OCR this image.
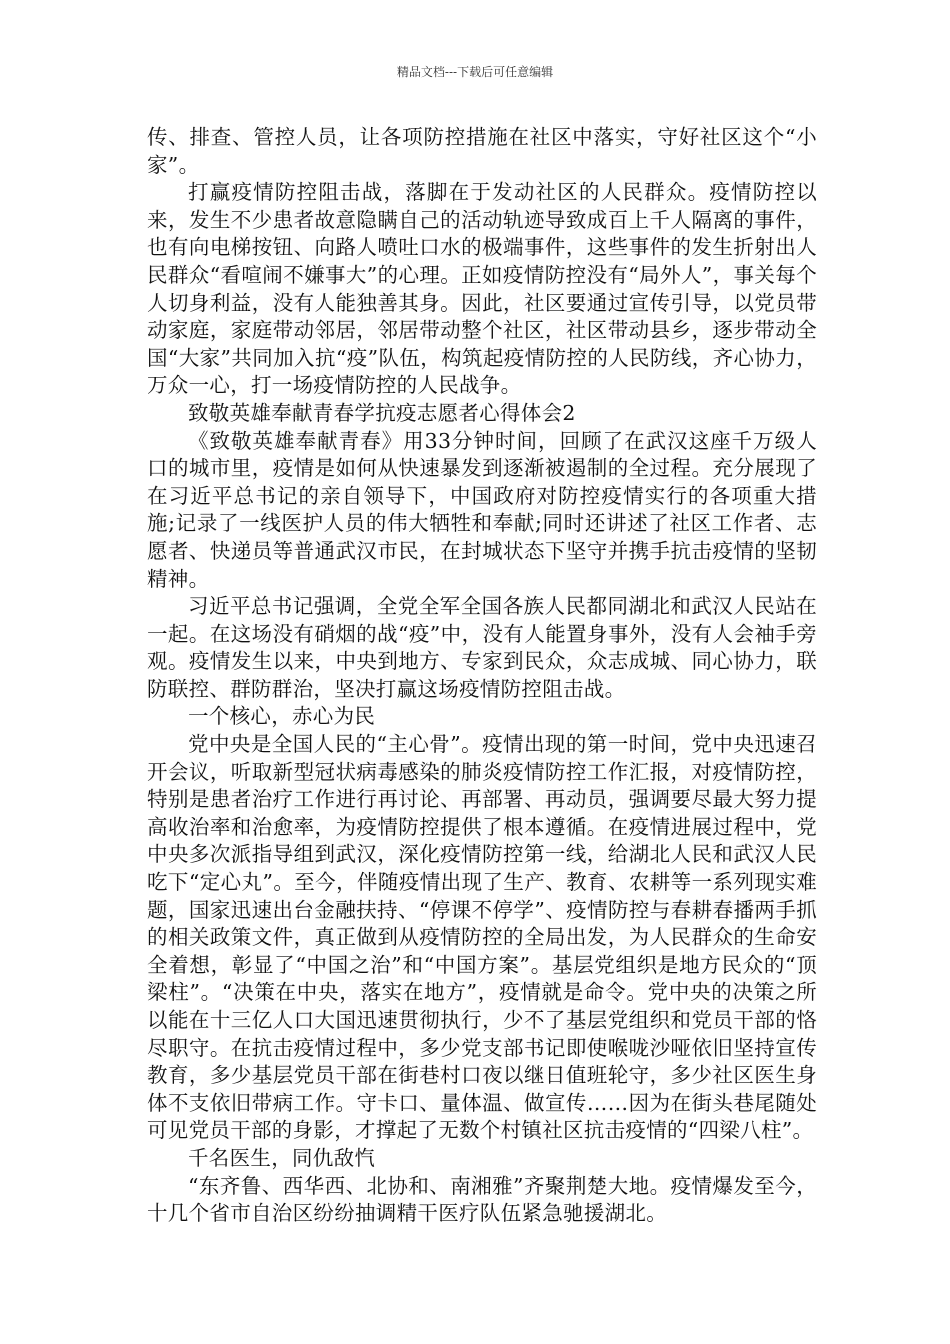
精品文档---下载后可任意编辑

传、排查、管控人员，让各项防控措施在社区中落实，守好社区这个“小家”。

打赢疫情防控阻击战，落脚在于发动社区的人民群众。疫情防控以来，发生不少患者故意隐瞒自己的活动轨迹导致成百上千人隔离的事件，也有向电梯按钮、向路人喷吐口水的极端事件，这些事件的发生折射出人民群众“看喧闹不嫌事大”的心理。正如疫情防控没有“局外人”，事关每个人切身利益，没有人能独善其身。因此，社区要通过宣传引导，以党员带动家庭，家庭带动邻居，邻居带动整个社区，社区带动县乡，逐步带动全国“大家”共同加入抗“疫”队伍，构筑起疫情防控的人民防线，齐心协力，万众一心，打一场疫情防控的人民战争。

致敬英雄奉献青春学抗疫志愿者心得体会2

《致敬英雄奉献青春》用33分钟时间，回顾了在武汉这座千万级人口的城市里，疫情是如何从快速暴发到逐渐被遏制的全过程。充分展现了在习近平总书记的亲自领导下，中国政府对防控疫情实行的各项重大措施;记录了一线医护人员的伟大牺牲和奉献;同时还讲述了社区工作者、志愿者、快递员等普通武汉市民，在封城状态下坚守并携手抗击疫情的坚韧精神。

习近平总书记强调，全党全军全国各族人民都同湖北和武汉人民站在一起。在这场没有硝烟的战“疫”中，没有人能置身事外，没有人会袖手旁观。疫情发生以来，中央到地方、专家到民众，众志成城、同心协力，联防联控、群防群治，坚决打赢这场疫情防控阻击战。

一个核心，赤心为民

党中央是全国人民的“主心骨”。疫情出现的第一时间，党中央迅速召开会议，听取新型冠状病毒感染的肺炎疫情防控工作汇报，对疫情防控，特别是患者治疗工作进行再讨论、再部署、再动员，强调要尽最大努力提高收治率和治愈率，为疫情防控提供了根本遵循。在疫情进展过程中，党中央多次派指导组到武汉，深化疫情防控第一线，给湖北人民和武汉人民吃下“定心丸”。至今，伴随疫情出现了生产、教育、农耕等一系列现实难题，国家迅速出台金融扶持、“停课不停学”、疫情防控与春耕春播两手抓的相关政策文件，真正做到从疫情防控的全局出发，为人民群众的生命安全着想，彰显了“中国之治”和“中国方案”。基层党组织是地方民众的“顶梁柱”。“决策在中央，落实在地方”，疫情就是命令。党中央的决策之所以能在十三亿人口大国迅速贯彻执行，少不了基层党组织和党员干部的恪尽职守。在抗击疫情过程中，多少党支部书记即使喉咙沙哑依旧坚持宣传教育，多少基层党员干部在街巷村口夜以继日值班轮守，多少社区医生身体不支依旧带病工作。守卡口、量体温、做宣传……因为在街头巷尾随处可见党员干部的身影，才撑起了无数个村镇社区抗击疫情的“四梁八柱”。

千名医生，同仇敌忾

“东齐鲁、西华西、北协和、南湘雅”齐聚荆楚大地。疫情爆发至今，十几个省市自治区纷纷抽调精干医疗队伍紧急驰援湖北。
